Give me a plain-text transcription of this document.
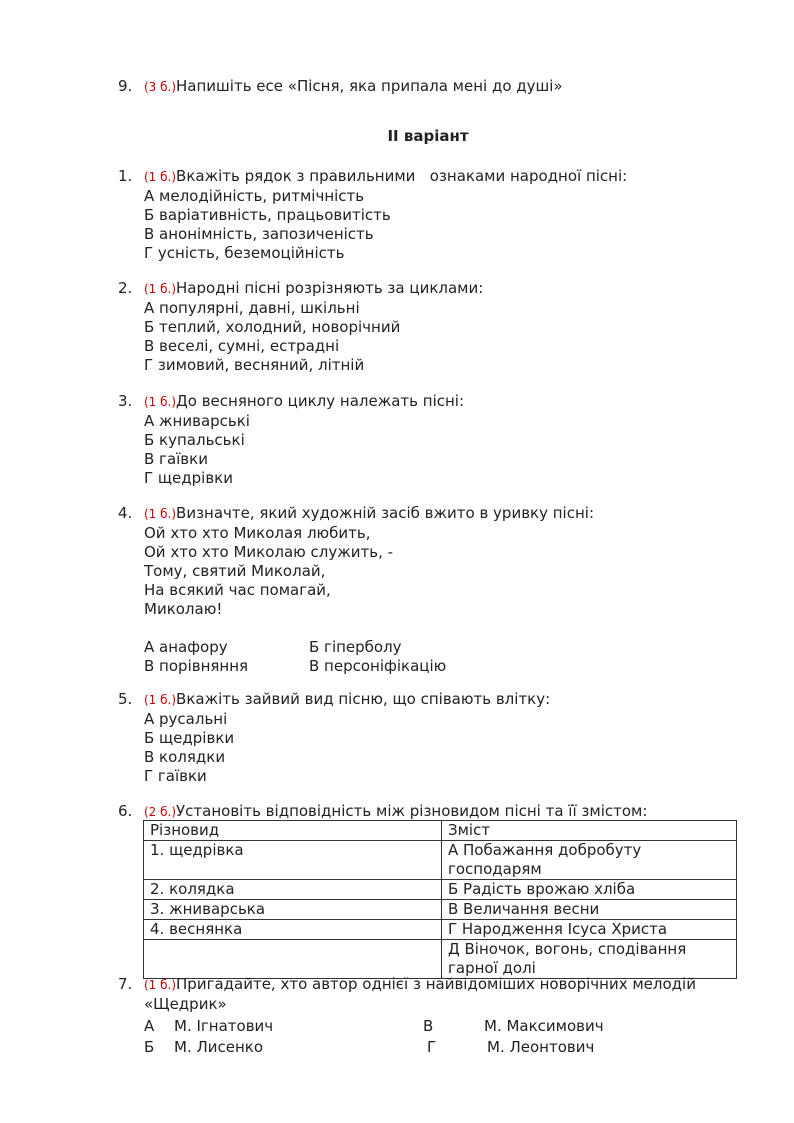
9. (3 б.)Напишіть есе «Пісня, яка припала мені до душі»
II варіант
1. (1 б.)Вкажіть рядок з правильними   ознаками народної пісні:
А мелодійність, ритмічність
Б варіативність, працьовитість
В анонімність, запозиченість
Г усність, беземоційність
2. (1 б.)Народні пісні розрізняють за циклами:
А популярні, давні, шкільні
Б теплий, холодний, новорічний
В веселі, сумні, естрадні
Г зимовий, весняний, літній
3. (1 б.)До весняного циклу належать пісні:
А жниварські
Б купальські
В гаївки
Г щедрівки
4. (1 б.)Визначте, який художній засіб вжито в уривку пісні:
Ой хто хто Миколая любить,
Ой хто хто Миколаю служить, -
Тому, святий Миколай,
На всякий час помагай,
Миколаю!
А анафору	Б гіперболу
В порівняння	В персоніфікацію
5. (1 б.)Вкажіть зайвий вид пісню, що співають влітку:
А русальні
Б щедрівки
В колядки
Г гаївки
6. (2 б.)Установіть відповідність між різновидом пісні та її змістом:
Різновид	Зміст
1. щедрівка	А Побажання добробуту господарям
2. колядка	Б Радість врожаю хліба
3. жниварська	В Величання весни
4. веснянка	Г Народження Ісуса Христа
	Д Віночок, вогонь, сподівання гарної долі
7. (1 б.)Пригадайте, хто автор однієї з найвідоміших новорічних мелодій «Щедрик»
А М. Ігнатович	В	М. Максимович
Б М. Лисенко	Г	М. Леонтович
